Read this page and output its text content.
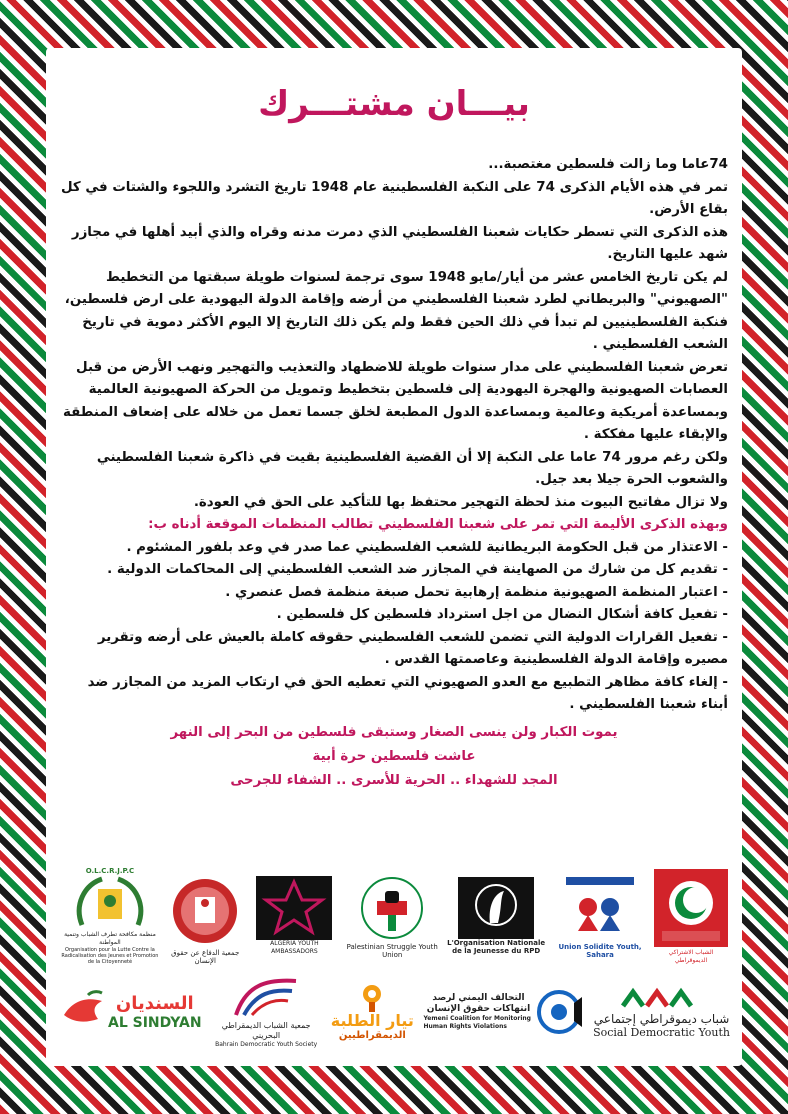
بيـــان مشتـــرك

74عاما وما زالت فلسطين مغتصبة...

تمر في هذه الأيام الذكرى 74 على النكبة الفلسطينية عام 1948 تاريخ التشرد واللجوء والشتات في كل بقاع الأرض.

هذه الذكرى التي تسطر حكايات شعبنا الفلسطيني الذي دمرت مدنه وقراه والذي أبيد أهلها في مجازر شهد عليها التاريخ.

لم يكن تاريخ الخامس عشر من أيار/مايو 1948 سوى ترجمة لسنوات طويلة سبقتها من التخطيط "الصهيوني" والبريطاني لطرد شعبنا الفلسطيني من أرضه وإقامة الدولة اليهودية على ارض فلسطين، فنكبة الفلسطينيين لم تبدأ في ذلك الحين فقط ولم يكن ذلك التاريخ إلا اليوم الأكثر دموية في تاريخ الشعب الفلسطيني .

تعرض شعبنا الفلسطيني على مدار سنوات طويلة للاضطهاد والتعذيب والتهجير ونهب الأرض من قبل العصابات الصهيونية والهجرة اليهودية إلى فلسطين بتخطيط وتمويل من الحركة الصهيونية العالمية وبمساعدة أمريكية وعالمية وبمساعدة الدول المطبعة لخلق جسما تعمل من خلاله على إضعاف المنطقة والإبقاء عليها مفككة .

ولكن رغم مرور 74 عاما على النكبة إلا أن القضية الفلسطينية بقيت في ذاكرة شعبنا الفلسطيني والشعوب الحرة جيلا بعد جيل.

ولا تزال مفاتيح البيوت منذ لحظة التهجير محتفظ بها للتأكيد على الحق في العودة.

وبهذه الذكرى الأليمة التي تمر على شعبنا الفلسطيني تطالب المنظمات الموقعة أدناه ب:

- الاعتذار من قبل الحكومة البريطانية للشعب الفلسطيني عما صدر في وعد بلفور المشئوم .

- تقديم كل من شارك من الصهاينة في المجازر ضد الشعب الفلسطيني إلى المحاكمات الدولية .

- اعتبار المنظمة الصهيونية منظمة إرهابية تحمل صبغة منظمة فصل عنصري .

- تفعيل كافة أشكال النضال من اجل استرداد فلسطين كل فلسطين .

- تفعيل القرارات الدولية التي تضمن للشعب الفلسطيني حقوقه كاملة بالعيش على أرضه وتقرير مصيره وإقامة الدولة الفلسطينية وعاصمتها القدس .

- إلغاء كافة مظاهر التطبيع مع العدو الصهيوني التي تعطيه الحق في ارتكاب المزيد من المجازر ضد أبناء شعبنا الفلسطيني .

يموت الكبار ولن ينسى الصغار وستبقى فلسطين من البحر إلى النهر
عاشت فلسطين حرة أبية
المجد للشهداء .. الحرية للأسرى .. الشفاء للجرحى
الشباب الاشتراكي الديموقراطي
Union Solidite Youth, Sahara
L'Organisation Nationale de la Jeunesse du RPD
Palestinian Struggle Youth Union
ALGERIA YOUTH AMBASSADORS
جمعية الدفاع عن حقوق الإنسان
O.L.C.R.J.P.C
منظمة مكافحة تطرف الشباب وتنمية المواطنة
Organisation pour la Lutte Contre la Radicalisation des Jeunes et Promotion de la Citoyenneté
شباب ديموقراطي إجتماعي
Social Democratic Youth
التحالف اليمني لرصد انتهاكات حقوق الإنسان
Yemeni Coalition for Monitoring Human Rights Violations
تيار الطلبة
الديمقراطيين
جمعية الشباب الديمقراطي البحريني
Bahrain Democratic Youth Society
السنديان
AL SINDYAN
